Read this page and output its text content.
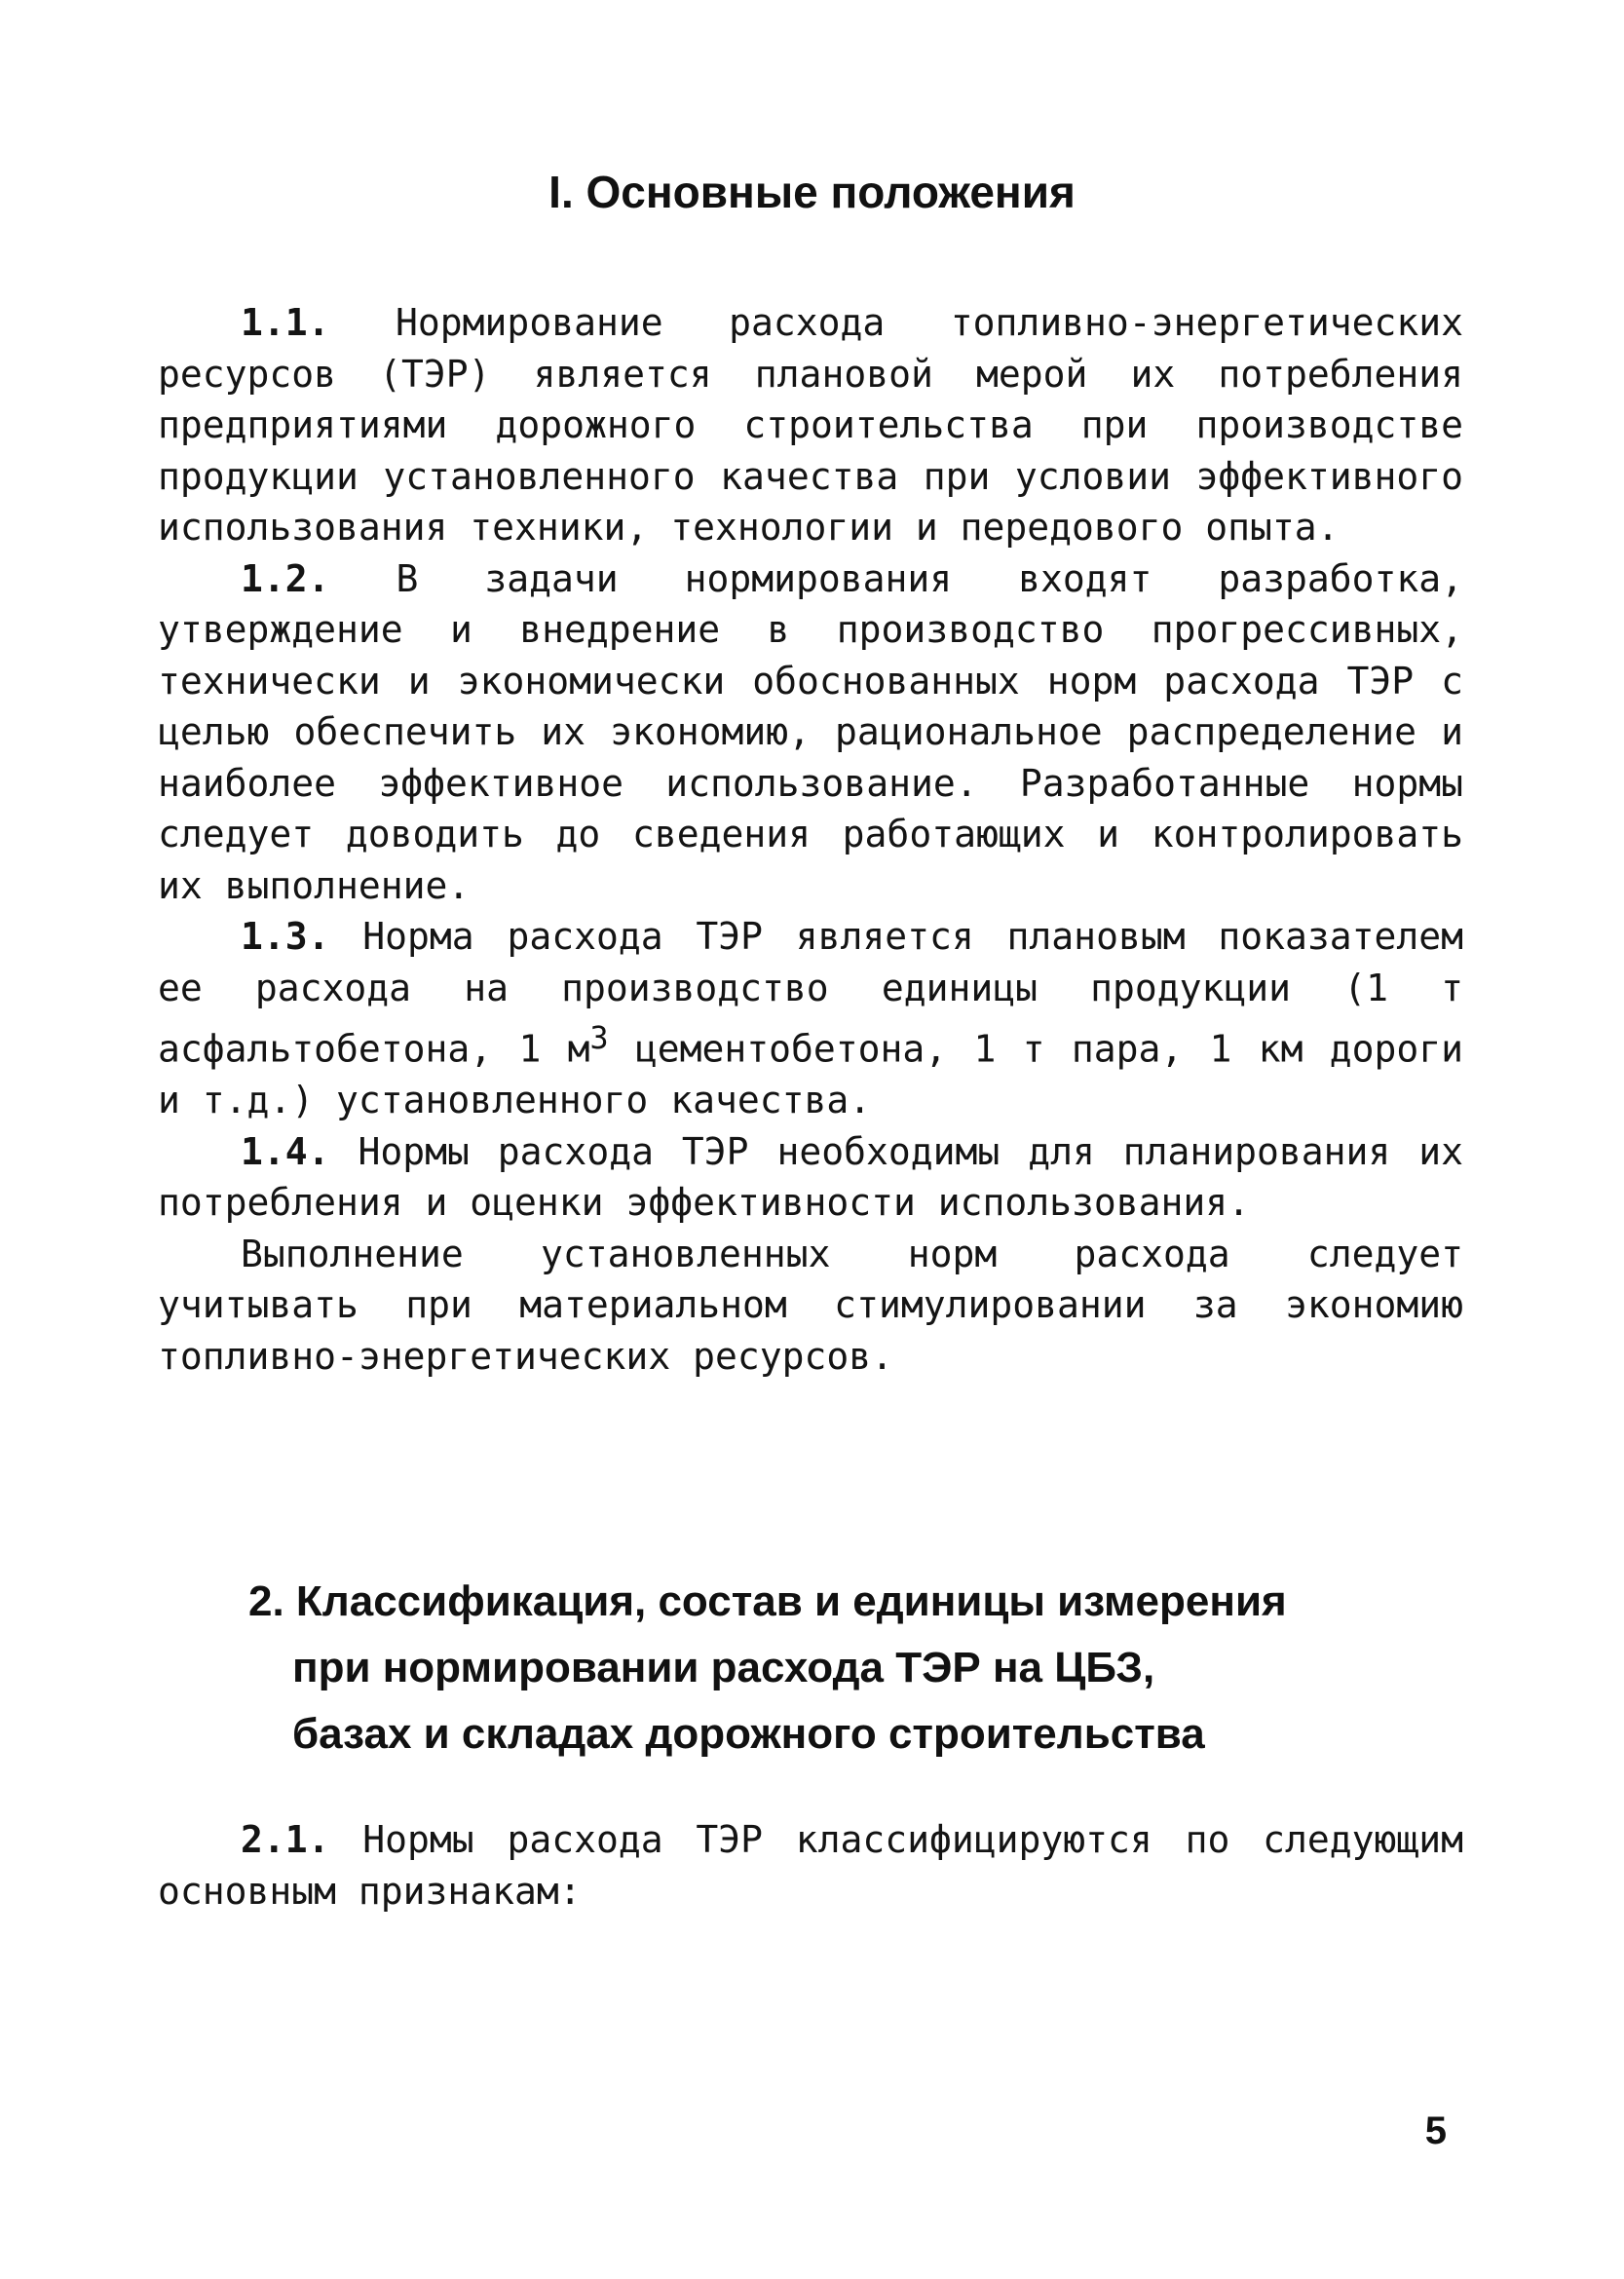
I. Основные положения

1.1. Нормирование расхода топливно-энергетических ресурсов (ТЭР) является плановой мерой их потребления предприятиями дорожного строительства при производстве продукции установленного качества при условии эффективного использования техники, технологии и передового опыта.

1.2. В задачи нормирования входят разработка, утверждение и внедрение в производство прогрессивных, технически и экономически обоснованных норм расхода ТЭР с целью обеспечить их экономию, рациональное распределение и наиболее эффективное использование. Разработанные нормы следует доводить до сведения работающих и контролировать их выполнение.

1.3. Норма расхода ТЭР является плановым показателем ее расхода на производство единицы продукции (1 т асфальтобетона, 1 $м^3$ цементобетона, 1 т пара, 1 км дороги и т.д.) установленного качества.

1.4. Нормы расхода ТЭР необходимы для планирования их потребления и оценки эффективности использования.

Выполнение установленных норм расхода следует учитывать при материальном стимулировании за экономию топливно-энергетических ресурсов.

2. Классификация, состав и единицы измерения
при нормировании расхода ТЭР на ЦБЗ,
базах и складах дорожного строительства

2.1. Нормы расхода ТЭР классифицируются по следующим основным признакам:

5
